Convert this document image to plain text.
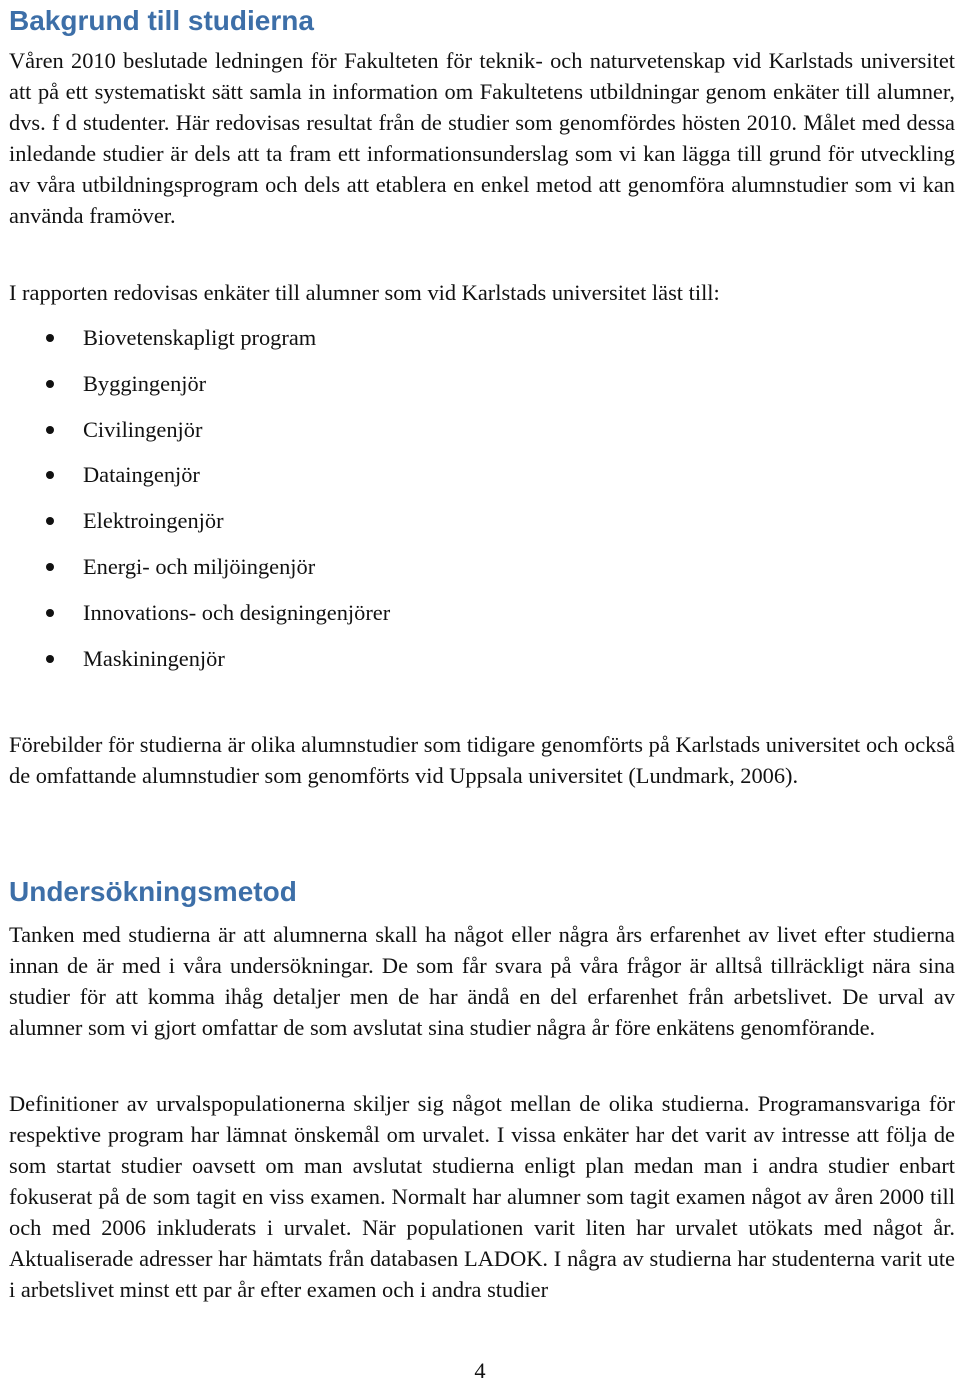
Bakgrund till studierna

Våren 2010 beslutade ledningen för Fakulteten för teknik- och naturvetenskap vid Karlstads universitet att på ett systematiskt sätt samla in information om Fakultetens utbildningar genom enkäter till alumner, dvs. f d studenter. Här redovisas resultat från de studier som genomfördes hösten 2010. Målet med dessa inledande studier är dels att ta fram ett informationsunderslag som vi kan lägga till grund för utveckling av våra utbildningsprogram och dels att etablera en enkel metod att genomföra alumnstudier som vi kan använda framöver.

I rapporten redovisas enkäter till alumner som vid Karlstads universitet läst till:

Biovetenskapligt program
Byggingenjör
Civilingenjör
Dataingenjör
Elektroingenjör
Energi- och miljöingenjör
Innovations- och designingenjörer
Maskiningenjör

Förebilder för studierna är olika alumnstudier som tidigare genomförts på Karlstads universitet och också de omfattande alumnstudier som genomförts vid Uppsala universitet (Lundmark, 2006).

Undersökningsmetod

Tanken med studierna är att alumnerna skall ha något eller några års erfarenhet av livet efter studierna innan de är med i våra undersökningar. De som får svara på våra frågor är alltså tillräckligt nära sina studier för att komma ihåg detaljer men de har ändå en del erfarenhet från arbetslivet. De urval av alumner som vi gjort omfattar de som avslutat sina studier några år före enkätens genomförande.

Definitioner av urvalspopulationerna skiljer sig något mellan de olika studierna. Programansvariga för respektive program har lämnat önskemål om urvalet. I vissa enkäter har det varit av intresse att följa de som startat studier oavsett om man avslutat studierna enligt plan medan man i andra studier enbart fokuserat på de som tagit en viss examen. Normalt har alumner som tagit examen något av åren 2000 till och med 2006 inkluderats i urvalet. När populationen varit liten har urvalet utökats med något år. Aktualiserade adresser har hämtats från databasen LADOK. I några av studierna har studenterna varit ute i arbetslivet minst ett par år efter examen och i andra studier

4
